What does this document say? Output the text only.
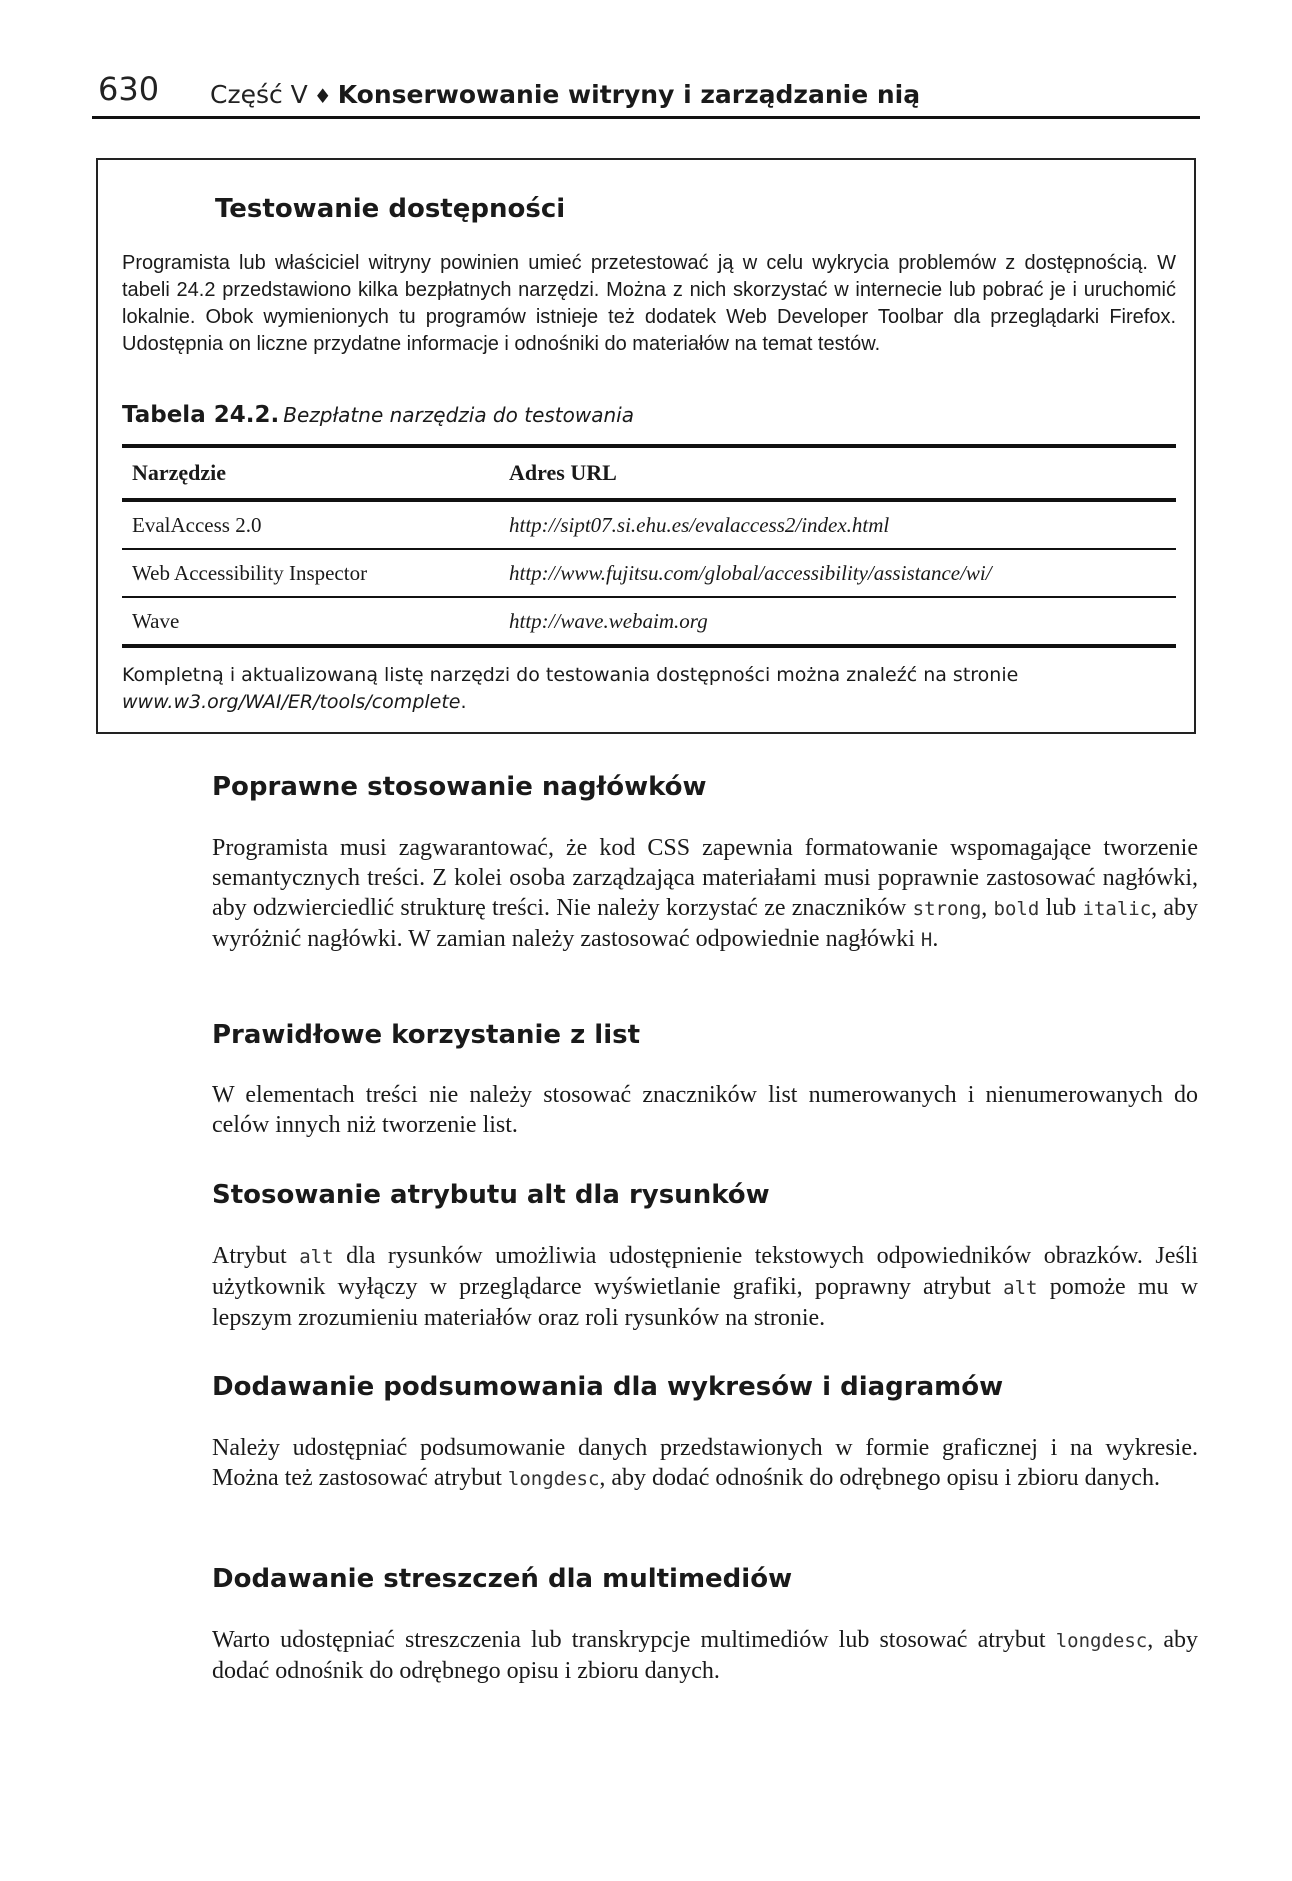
630 Część V ♦ Konserwowanie witryny i zarządzanie nią
Testowanie dostępności

Programista lub właściciel witryny powinien umieć przetestować ją w celu wykrycia problemów z dostępnością. W tabeli 24.2 przedstawiono kilka bezpłatnych narzędzi. Można z nich skorzystać w internecie lub pobrać je i uruchomić lokalnie. Obok wymienionych tu programów istnieje też dodatek Web Developer Toolbar dla przeglądarki Firefox. Udostępnia on liczne przydatne informacje i odnośniki do materiałów na temat testów.

Tabela 24.2. Bezpłatne narzędzia do testowania

Narzędzie	Adres URL
EvalAccess 2.0	http://sipt07.si.ehu.es/evalaccess2/index.html
Web Accessibility Inspector	http://www.fujitsu.com/global/accessibility/assistance/wi/
Wave	http://wave.webaim.org

Kompletną i aktualizowaną listę narzędzi do testowania dostępności można znaleźć na stronie www.w3.org/WAI/ER/tools/complete.

Poprawne stosowanie nagłówków

Programista musi zagwarantować, że kod CSS zapewnia formatowanie wspomagające tworzenie semantycznych treści. Z kolei osoba zarządzająca materiałami musi poprawnie zastosować nagłówki, aby odzwierciedlić strukturę treści. Nie należy korzystać ze znaczników strong, bold lub italic, aby wyróżnić nagłówki. W zamian należy zastosować odpowiednie nagłówki H.

Prawidłowe korzystanie z list

W elementach treści nie należy stosować znaczników list numerowanych i nienumerowanych do celów innych niż tworzenie list.

Stosowanie atrybutu alt dla rysunków

Atrybut alt dla rysunków umożliwia udostępnienie tekstowych odpowiedników obrazków. Jeśli użytkownik wyłączy w przeglądarce wyświetlanie grafiki, poprawny atrybut alt pomoże mu w lepszym zrozumieniu materiałów oraz roli rysunków na stronie.

Dodawanie podsumowania dla wykresów i diagramów

Należy udostępniać podsumowanie danych przedstawionych w formie graficznej i na wykresie. Można też zastosować atrybut longdesc, aby dodać odnośnik do odrębnego opisu i zbioru danych.

Dodawanie streszczeń dla multimediów

Warto udostępniać streszczenia lub transkrypcje multimediów lub stosować atrybut longdesc, aby dodać odnośnik do odrębnego opisu i zbioru danych.
